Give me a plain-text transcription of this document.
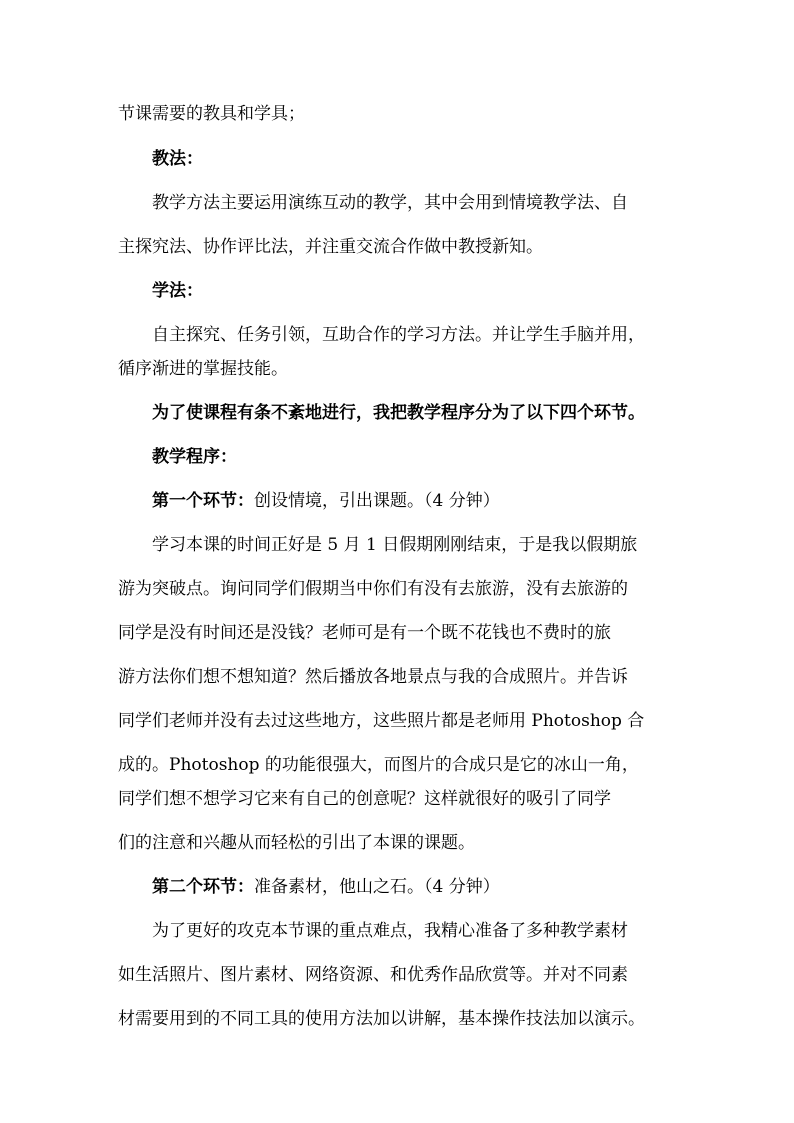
节课需要的教具和学具；
教法：
教学方法主要运用演练互动的教学，其中会用到情境教学法、自
主探究法、协作评比法，并注重交流合作做中教授新知。
学法：
自主探究、任务引领，互助合作的学习方法。并让学生手脑并用，
循序渐进的掌握技能。
为了使课程有条不紊地进行，我把教学程序分为了以下四个环节。
教学程序：
第一个环节：创设情境，引出课题。（4 分钟）
学习本课的时间正好是 5 月 1 日假期刚刚结束，于是我以假期旅
游为突破点。询问同学们假期当中你们有没有去旅游，没有去旅游的
同学是没有时间还是没钱？老师可是有一个既不花钱也不费时的旅
游方法你们想不想知道？然后播放各地景点与我的合成照片。并告诉
同学们老师并没有去过这些地方，这些照片都是老师用 Photoshop 合
成的。Photoshop 的功能很强大，而图片的合成只是它的冰山一角，
同学们想不想学习它来有自己的创意呢？这样就很好的吸引了同学
们的注意和兴趣从而轻松的引出了本课的课题。
第二个环节：准备素材，他山之石。（4 分钟）
为了更好的攻克本节课的重点难点，我精心准备了多种教学素材
如生活照片、图片素材、网络资源、和优秀作品欣赏等。并对不同素
材需要用到的不同工具的使用方法加以讲解，基本操作技法加以演示。
